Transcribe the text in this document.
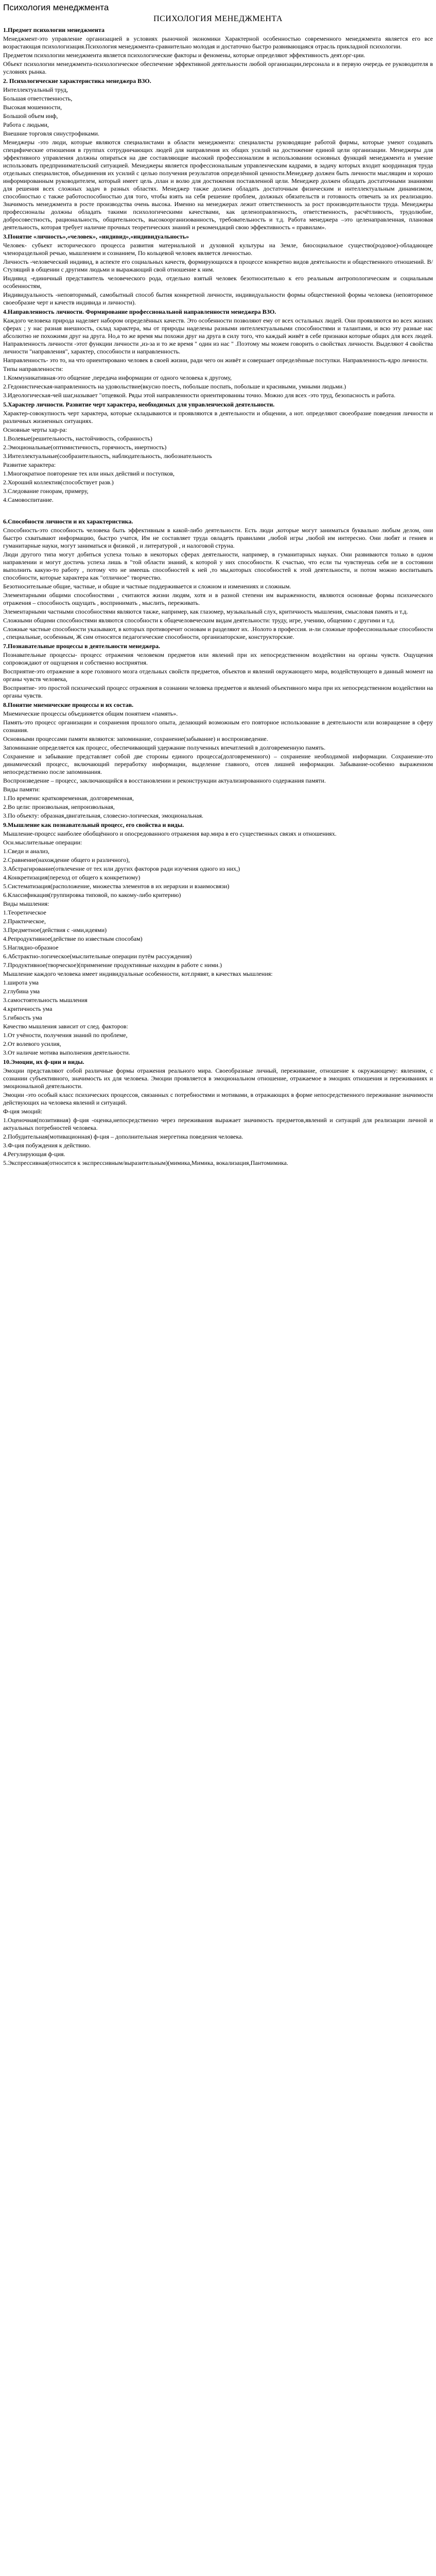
Психология менеджмента
ПСИХОЛОГИЯ МЕНЕДЖМЕНТА
1.Предмет психологии менеджмента
Менеджмент-это управление организацией в условиях рыночной экономики Характерной особенностью современного менеджмента является его все возрастающая психологизация.Психология менеджмента-сравнительно молодая и достаточно быстро развивающаяся отрасль прикладной психологии.
Предметом психологии менеджмента является психологические факторы и феномены, которые определяют эффективность деят.орг-ции.
Объект психологии менеджмента-психологическое обеспечение эффективной деятельности любой организации,персонала и в первую очередь ее руководителя в условиях рынка.
2. Психологические характеристика менеджера ВЗО.
Интеллектуальный труд,
Большая ответственность,
Высокая мошенности,
Большой объем инф,
Работа с людьми,
Внешние торговля синустрофиками.
Менеджеры -это люди, которые являются специалистами в области менеджмента: специалисты руководящие работой фирмы, которые умеют создавать специфические отношения в группах сотрудничающих людей для направления их общих усилий на достижение единой цели организации. Менеджеры для эффективного управления должны опираться на две составляющие высокий профессионализм в использовании основных функций менеджмента и умение использовать предпринимательский ситуацией. Менеджеры является профессиональным управленческим кадрами, в задачу которых входит координация труда отдельных специалистов, объединения их усилий с целью получения результатов определённой ценности.Менеджер должен быть личности мыслящим и хорошо информированным руководителем, который имеет цель ,план и волю для достижения поставленной цели. Менеджер должен обладать достаточными знаниями для решения всех сложных задач в разных областях. Менеджер также должен обладать достаточным физическим и интеллектуальным динамизмом, способностью с также работоспособностью для того, чтобы взять на себя решение проблем, должных обязательств и готовность отвечать за их реализацию. Значимость менеджмента в росте производства очень высока. Именно на менеджерах лежит ответственность за рост производительности труда. Менеджеры профессионалы должны обладать такими психологическими качествами, как целеноправленность, ответственность, расчётливость, трудолюбие, добросовестность, рациональность, общительность, высокоорганизованность, требовательность и т.д. Работа менеджера –это целенаправленная, плановая деятельность, которая требует наличие прочных теоретических знаний и рекомендаций свою эффективность « правилам».
3.Понятие «личность»,«человек», «индивид»,«индивидуальность»
Человек- субъект исторического процесса развития материальной и духовной культуры на Земле, биосоциальное существо(родовое)-обладающее членораздельной речью, мышлением и сознанием, По кольцевой человек является личностью.
Личность -человеческий индивид, в аспекте его социальных качеств, формирующихся в процессе конкретно видов деятельности и общественного отношений. В/Стулящий в общении с другими людьми и выражающий свой отношение к ним.
Индивид -единичный представитель человеческого рода, отдельно взятый человек безотносительно к его реальным антропологическим и социальным особенностям,
Индивидуальность -неповторимый, самобытный способ бытия конкретной личности, индивидуальности формы общественной формы человека (неповторимое своеобразие черт и качеств индивида и личности).
4.Направленность личности. Формирование профессиональной направленности менеджера ВЗО.
Каждого человека природа наделяет набором определённых качеств. Это особенности позволяют ему от всех остальных людей. Они проявляются во всех жизнях сферах ; у нас разная внешность, склад характера, мы от природы наделены разными интеллектуальными способностями и талантами, и всю эту разные нас абсолютно не похожими друг на друга. Но,а то же время мы похожи друг на друга в силу того, что каждый живёт в себе признаки которые общих для всех людей. Направленность личности -этот функции личности ,из-за и то же время " один из нас " .Поэтому мы можем говорить о свойствах личности. Выделяют 4 свойства личности "направления", характер, способности и направленность.
Направленность- это то, на что ориентировано человек в своей жизни, ради чего он живёт и совершает определённые поступки. Направленность-ядро личности.
Типы направленности:
1.Коммуникативная-это общение ,передача информации от одного человека к другому,
2.Гедонистическая-направленность на удовольствие(вкусно поесть, побольше поспать, побольше и красивыми, умными людьми.)
3.Идеологическая-чей шаг,называет "отцевкой. Ряды этой направленности ориентированны точно. Можно для всех -это труд, безопасность и работа.
5.Характер личности. Развитие черт характера, необходимых для управленческой деятельности.
Характер-совокупность черт характера, которые складываются и проявляются в деятельности и общении, а нот. определяют своеобразие поведения личности и различных жизненных ситуациях.
Основные черты хар-ра:
1.Волевые(решительность, настойчивость, собранность)
2.Эмоциональные(оптимистичность, горячность, инертность)
3.Интеллектуальные(сообразительность, наблюдательность, любознательность
Развитие характера:
1.Многократное повторение тех или иных действий и поступков,
2.Хороший коллектив(способствует разв.)
3.Следование гонорам, примеру,
4.Самовоспитание.
6.Способности личности и их характеристика.
Способность-это способность человека быть эффективным в какой-либо деятельности. Есть люди ,которые могут заниматься буквально любым делом, они быстро схватывают информацию, быстро учатся, Им не составляет труда овладеть правилами ,любой игры ,любой им интересно. Они любят и гениев и гуманитарные науки, могут заниматься и физикой , и литературой , и налоговой струна.
Люди другого типа могут добиться успеха только в некоторых сферах деятельности, например, в гуманитарных науках. Они развиваются только в одном направлении и могут достичь успеха лишь в "той области знаний, к которой у них способности. К счастью, что если ты чувствуешь себя не в состоянии выполнить какую-то работу , потому что не имеешь способностей к ней ,то мы,которых способностей к этой деятельности, и потом можно воспитывать способности, которые характера как "отличное" творчество.
Безотносительные общие, частные, и общие и частные поддерживается и сложном и изменениях и сложным.
Элементарными общими способностями , считаются жизни людям, хотя и в разной степени им выраженности, являются основные формы психического отражения – способность ощущать , воспринимать , мыслить, переживать.
Элементарными частными способностями являются также, например, как глазомер, музыкальный слух, критичность мышления, смысловая память и т.д.
Сложными общими способностями являются способности к общечеловеческим видам деятельности: труду, игре, учению, общению с другими и т.д.
Сложные частные способности указывают, в которых противоречит основам и разделяют их. .Нолото в профессия. и-ли сложные профессиональные способности , специальные, особенным, Ж сим относятся педагогические способности, организаторские, конструкторские.
7.Познавательные процессы в деятельности менеджера.
Познавательные процессы- процесс отражения человеком предметов или явлений при их непосредственном воздействии на органы чувств. Ощущения сопровождают от ощущения и собственно восприятия.
Восприятие-это отражение в коре головного мозга отдельных свойств предметов, объектов и явлений окружающего мира, воздействующего в данный момент на органы чувств человека,
Восприятие- это простой психический процесс отражения в сознании человека предметов и явлений объективного мира при их непосредственном воздействии на органы чувств.
8.Понятие мнемические процессы и их состав.
Мнемические процессы объединяется общим понятием «память».
Память-это процесс организации и сохранения прошлого опыта, делающий возможным его повторное использование в деятельности или возвращение в сферу сознания.
Основными процессами памяти являются: запоминание, сохранение(забывание) и воспроизведение.
Запоминание определяется как процесс, обеспечивающий удержание полученных впечатлений в долговременную память.
Сохранение и забывание представляет собой две стороны единого процесса(долговременного) – сохранение необходимой информации. Сохранение-это динамический процесс, включающий переработку информации, выделение главного, отсев лишней информации. Забывание-особенно выраженном непосредственно после запоминания.
Воспроизведение – процесс, заключающийся в восстановлении и реконструкции актуализированного содержания памяти.
Виды памяти:
1.По времени: кратковременная, долговременная,
2.Во цели: произвольная, непроизвольная,
3.По объекту: образная,двигательная, словесно-логическая, эмоциональная.
9.Мышление как познавательный процесс, его свойства и виды.
Мышление-процесс наиболее обобщённого и опосредованного отражения вар.мира в его существенных связях и отношениях.
Осн.мыслительные операции:
1.Сведи и анализ,
2.Сравнение(нахождение общего и различного),
3.Абстрагирование(отвлечение от тех или других факторов ради изучения одного из них,)
4.Конкретизация(переход от общего к конкретному)
5.Систематизация(расположение, множества элементов в их иерархии и взаимосвязи)
6.Классификация(группировка типовой, по какому-либо критерию)
Виды мышления:
1.Теоретическое
2.Практическое,
3.Предметное(действия с -ими,идеями)
4.Репродуктивное(действие по известным способам)
5.Наглядно-образное
6.Абстрактно-логическое(мыслительные операции путём рассуждения)
7.Продуктивное(творческое)(применение продуктивные находим в работе с ними.)
Мышление каждого человека имеет индивидуальные особенности, кот.прявят, в качествах мышления:
1.широта ума
2.глубина ума
3.самостоятельность мышления
4.критичность ума
5.гибкость ума
Качество мышления зависит от след. факторов:
1.От учёности, получения знаний по проблеме,
2.От волевого усилия,
3.От наличие мотива выполнения деятельности.
10.Эмоции, их ф-ции и виды.
Эмоции представляют собой различные формы отражения реального мира. Своеобразные личный, переживание, отношение к окружающему: явлениям, с сознании субъективного, значимость их для человека. Эмоции проявляется в эмоциональном отношение, отражаемое в эмоциях отношения и переживаниях и эмоциональной деятельности.
Эмоции -это особый класс психических процессов, связанных с потребностями и мотивами, в отражающих в форме непосредственного переживание значимости действующих на человека явлений и ситуаций.
Ф-ция эмоций:
1.Оценочная(позитивная) ф-ция -оценка,непосредственно через переживания выражает значимость предметов,явлений и ситуаций для реализации личной и актуальных потребностей человека.
2.Побудительная(мотивационная) ф-ция – дополнительная энергетика поведения человека.
3.Ф-ция побуждения к действию.
4.Регулирующая ф-ция.
5.Экспрессивная(относится к экспрессивным/выразительным)(мимика,Мимика, вокализация,Пантомимика.
